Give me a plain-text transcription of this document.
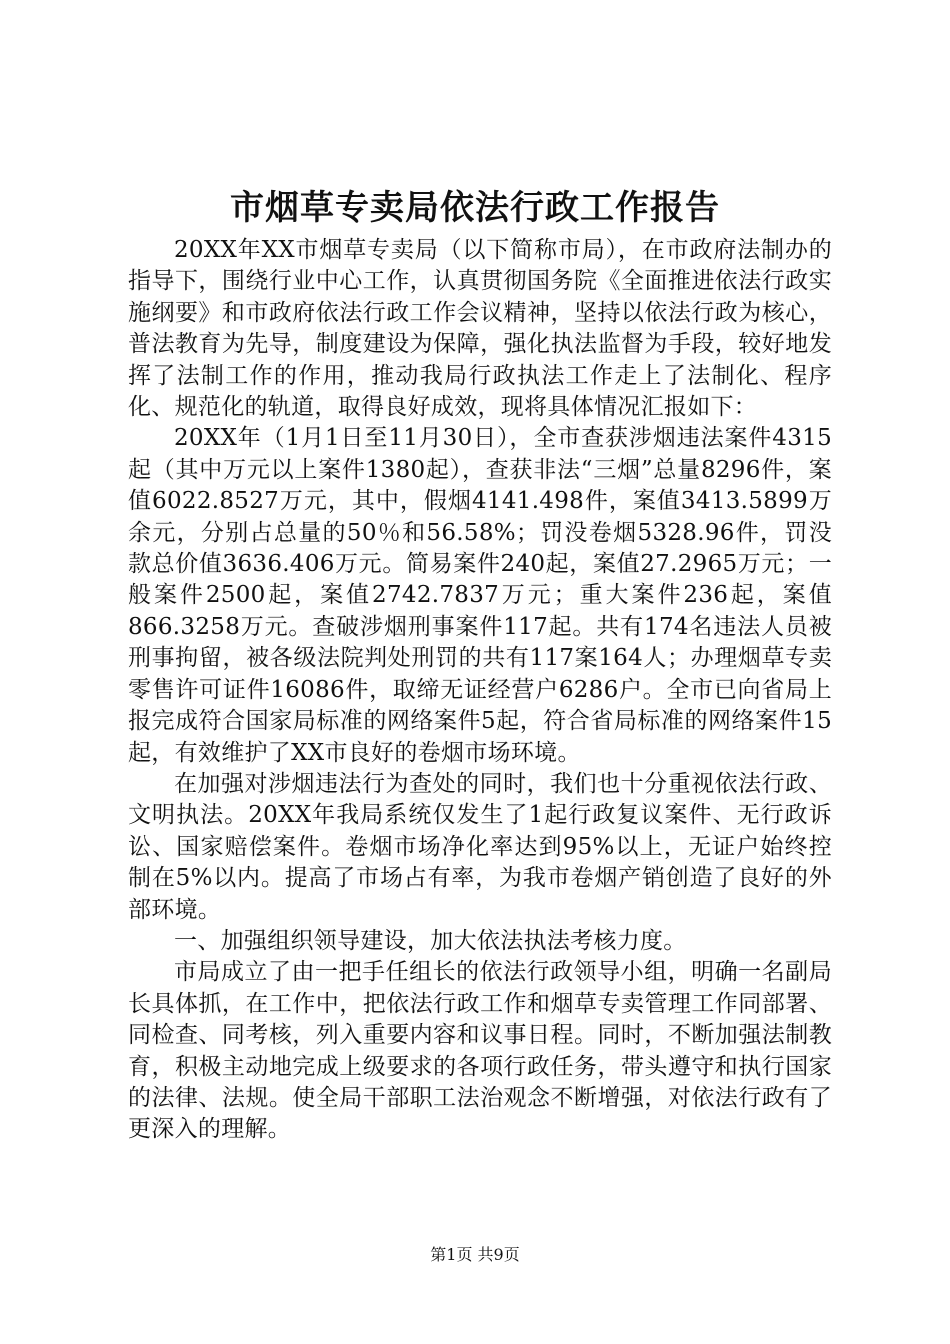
市烟草专卖局依法行政工作报告

20XX年XX市烟草专卖局（以下简称市局），在市政府法制办的指导下，围绕行业中心工作，认真贯彻国务院《全面推进依法行政实施纲要》和市政府依法行政工作会议精神，坚持以依法行政为核心，普法教育为先导，制度建设为保障，强化执法监督为手段，较好地发挥了法制工作的作用，推动我局行政执法工作走上了法制化、程序化、规范化的轨道，取得良好成效，现将具体情况汇报如下：

20XX年（1月1日至11月30日），全市查获涉烟违法案件4315起（其中万元以上案件1380起），查获非法“三烟”总量8296件，案值6022.8527万元，其中，假烟4141.498件，案值3413.5899万余元，分别占总量的50％和56.58%；罚没卷烟5328.96件，罚没款总价值3636.406万元。简易案件240起，案值27.2965万元；一般案件2500起，案值2742.7837万元；重大案件236起，案值866.3258万元。查破涉烟刑事案件117起。共有174名违法人员被刑事拘留，被各级法院判处刑罚的共有117案164人；办理烟草专卖零售许可证件16086件，取缔无证经营户6286户。全市已向省局上报完成符合国家局标准的网络案件5起，符合省局标准的网络案件15起，有效维护了XX市良好的卷烟市场环境。

在加强对涉烟违法行为查处的同时，我们也十分重视依法行政、文明执法。20XX年我局系统仅发生了1起行政复议案件、无行政诉讼、国家赔偿案件。卷烟市场净化率达到95%以上，无证户始终控制在5%以内。提高了市场占有率，为我市卷烟产销创造了良好的外部环境。

一、加强组织领导建设，加大依法执法考核力度。

市局成立了由一把手任组长的依法行政领导小组，明确一名副局长具体抓，在工作中，把依法行政工作和烟草专卖管理工作同部署、同检查、同考核，列入重要内容和议事日程。同时，不断加强法制教育，积极主动地完成上级要求的各项行政任务，带头遵守和执行国家的法律、法规。使全局干部职工法治观念不断增强，对依法行政有了更深入的理解。

第1页 共9页
